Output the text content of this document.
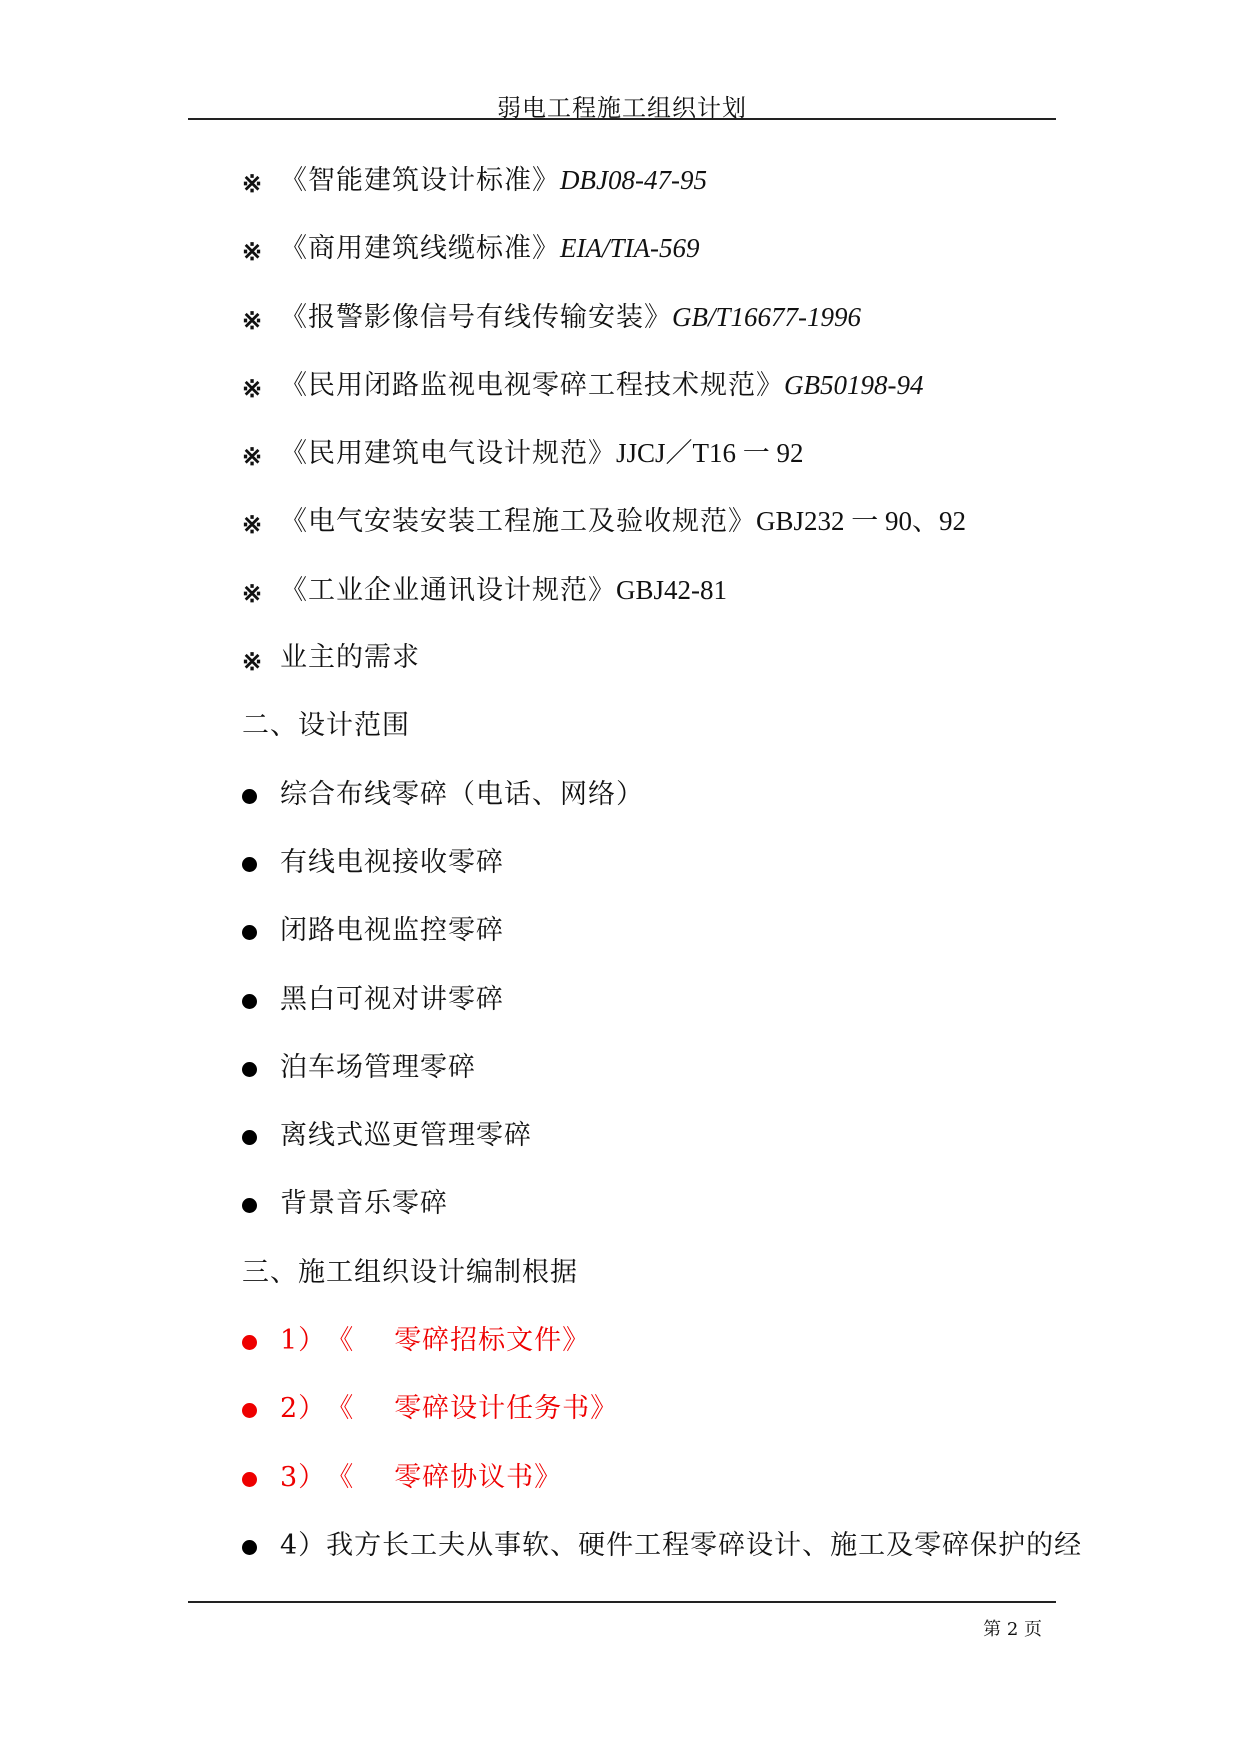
弱电工程施工组织计划
※ 《智能建筑设计标准》DBJ08-47-95
※ 《商用建筑线缆标准》EIA/TIA-569
※ 《报警影像信号有线传输安装》GB/T16677-1996
※ 《民用闭路监视电视零碎工程技术规范》GB50198-94
※ 《民用建筑电气设计规范》JJCJ／T16 一 92
※ 《电气安装安装工程施工及验收规范》GBJ232 一 90、92
※ 《工业企业通讯设计规范》GBJ42-81
※ 业主的需求
二、设计范围
综合布线零碎（电话、网络）
有线电视接收零碎
闭路电视监控零碎
黑白可视对讲零碎
泊车场管理零碎
离线式巡更管理零碎
背景音乐零碎
三、施工组织设计编制根据
1）《 零碎招标文件》
2）《 零碎设计任务书》
3）《 零碎协议书》
4）我方长工夫从事软、硬件工程零碎设计、施工及零碎保护的经
第 2 页
